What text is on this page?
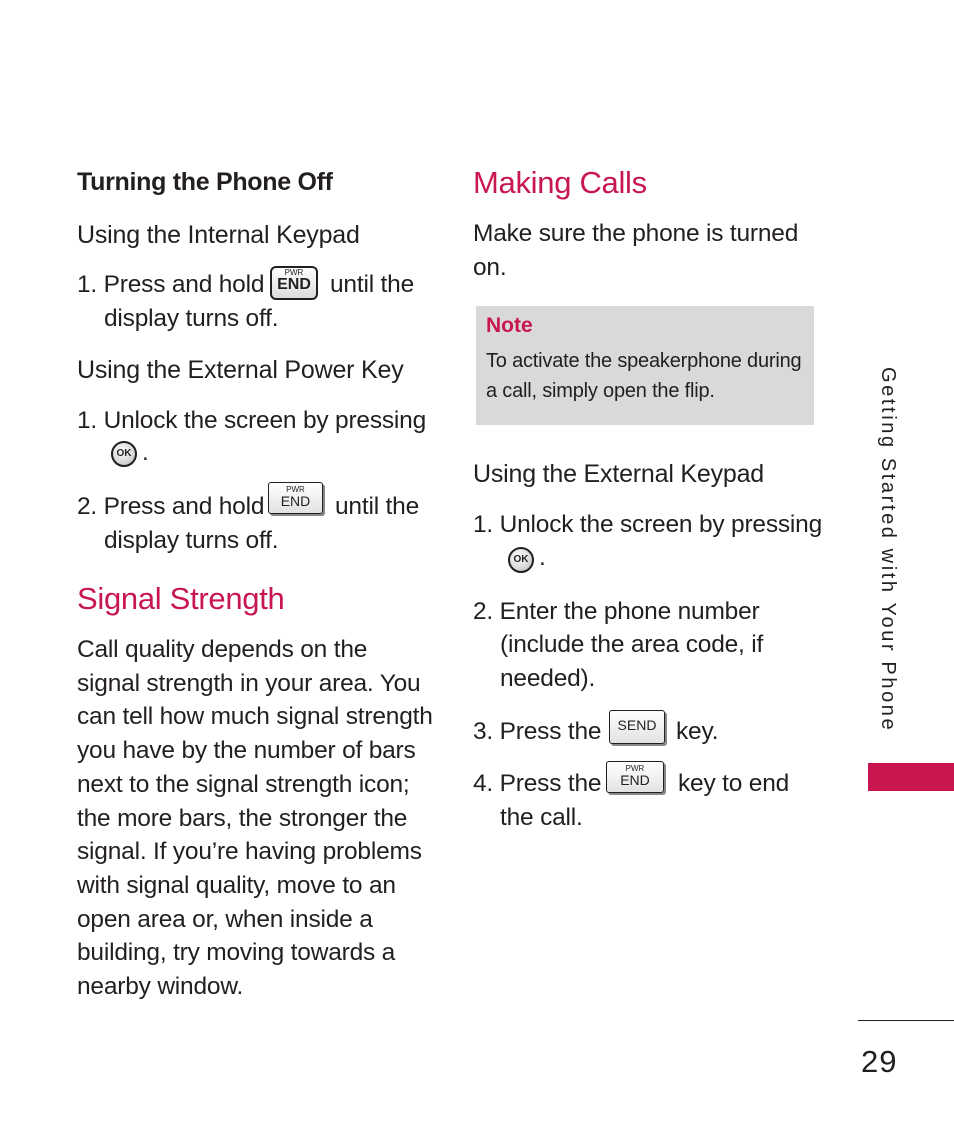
Turning the Phone Off
Using the Internal Keypad
1. Press and hold	PWR
END until the
display turns off.
Using the External Power Key
1. Unlock the screen by pressing
OK .
2. Press and hold
PWR
END	until the
display turns off.
Signal Strength
Call quality depends on the
signal strength in your area. You
can tell how much signal strength
you have by the number of bars
next to the signal strength icon;
the more bars, the stronger the
signal. If you’re having problems
with signal quality, move to an
open area or, when inside a
building, try moving towards a
nearby window.
Making Calls
Make sure the phone is turned
on.
Note
To activate the speakerphone during
a call, simply open the flip.
Using the External Keypad
1. Unlock the screen by pressing
OK .
2. Enter the phone number
(include the area code, if
needed).
3. Press the	SEND key.
4. Press the
PWR
END	key to end
the call.
Getting Started with Your Phone
29
